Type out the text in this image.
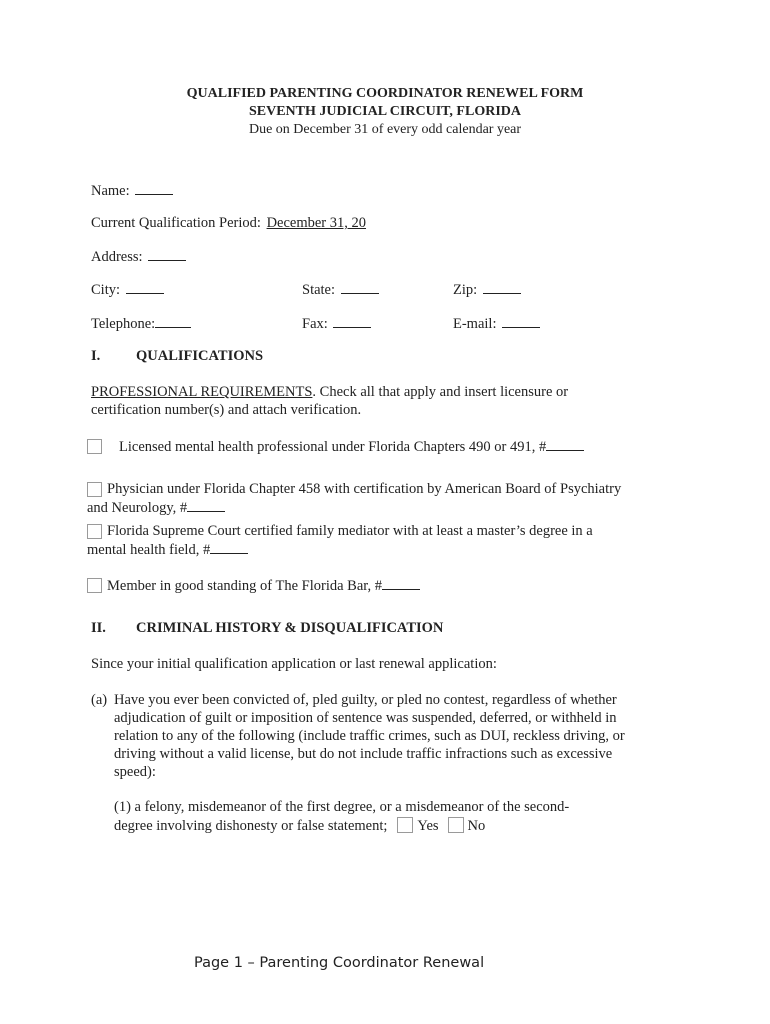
QUALIFIED PARENTING COORDINATOR RENEWEL FORM
SEVENTH JUDICIAL CIRCUIT, FLORIDA
Due on December 31 of every odd calendar year
Name:
Current Qualification Period: December 31, 20
Address:
City:	State:	Zip:
Telephone:	Fax:	E-mail:
I. QUALIFICATIONS
PROFESSIONAL REQUIREMENTS. Check all that apply and insert licensure or
certification number(s) and attach verification.
Licensed mental health professional under Florida Chapters 490 or 491, #
Physician under Florida Chapter 458 with certification by American Board of Psychiatry
and Neurology, #
Florida Supreme Court certified family mediator with at least a master’s degree in a
mental health field, #
Member in good standing of The Florida Bar, #
II. CRIMINAL HISTORY & DISQUALIFICATION
Since your initial qualification application or last renewal application:
(a) Have you ever been convicted of, pled guilty, or pled no contest, regardless of whether
adjudication of guilt or imposition of sentence was suspended, deferred, or withheld in
relation to any of the following (include traffic crimes, such as DUI, reckless driving, or
driving without a valid license, but do not include traffic infractions such as excessive
speed):
(1) a felony, misdemeanor of the first degree, or a misdemeanor of the second-
degree involving dishonesty or false statement; Yes No
Page 1 – Parenting Coordinator Renewal
